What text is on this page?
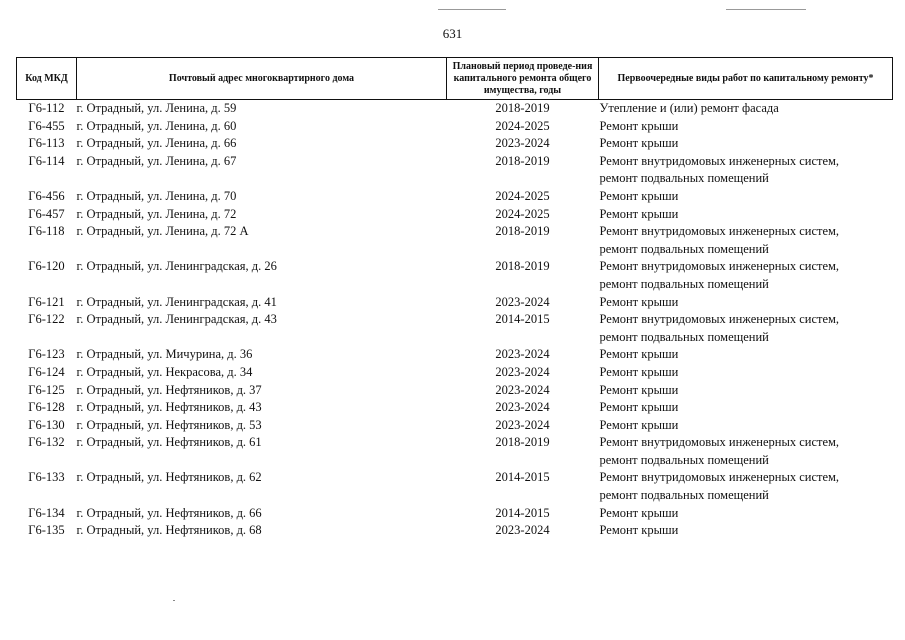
631
Код МКД	Почтовый адрес многоквартирного дома	Плановый период проведе-ния капитального ремонта общего имущества, годы	Первоочередные виды работ по капитальному ремонту*
Г6-112	г. Отрадный, ул. Ленина, д. 59	2018-2019	Утепление и (или) ремонт фасада

Г6-455	г. Отрадный, ул. Ленина, д. 60	2024-2025	Ремонт крыши

Г6-113	г. Отрадный, ул. Ленина, д. 66	2023-2024	Ремонт крыши

Г6-114	г. Отрадный, ул. Ленина, д. 67	2018-2019	Ремонт внутридомовых инженерных систем,
ремонт подвальных помещений

Г6-456	г. Отрадный, ул. Ленина, д. 70	2024-2025	Ремонт крыши

Г6-457	г. Отрадный, ул. Ленина, д. 72	2024-2025	Ремонт крыши

Г6-118	г. Отрадный, ул. Ленина, д. 72 А	2018-2019	Ремонт внутридомовых инженерных систем,
ремонт подвальных помещений

Г6-120	г. Отрадный, ул. Ленинградская, д. 26	2018-2019	Ремонт внутридомовых инженерных систем,
ремонт подвальных помещений

Г6-121	г. Отрадный, ул. Ленинградская, д. 41	2023-2024	Ремонт крыши

Г6-122	г. Отрадный, ул. Ленинградская, д. 43	2014-2015	Ремонт внутридомовых инженерных систем,
ремонт подвальных помещений

Г6-123	г. Отрадный, ул. Мичурина, д. 36	2023-2024	Ремонт крыши

Г6-124	г. Отрадный, ул. Некрасова, д. 34	2023-2024	Ремонт крыши

Г6-125	г. Отрадный, ул. Нефтяников, д. 37	2023-2024	Ремонт крыши

Г6-128	г. Отрадный, ул. Нефтяников, д. 43	2023-2024	Ремонт крыши

Г6-130	г. Отрадный, ул. Нефтяников, д. 53	2023-2024	Ремонт крыши

Г6-132	г. Отрадный, ул. Нефтяников, д. 61	2018-2019	Ремонт внутридомовых инженерных систем,
ремонт подвальных помещений

Г6-133	г. Отрадный, ул. Нефтяников, д. 62	2014-2015	Ремонт внутридомовых инженерных систем,
ремонт подвальных помещений

Г6-134	г. Отрадный, ул. Нефтяников, д. 66	2014-2015	Ремонт крыши

Г6-135	г. Отрадный, ул. Нефтяников, д. 68	2023-2024	Ремонт крыши
